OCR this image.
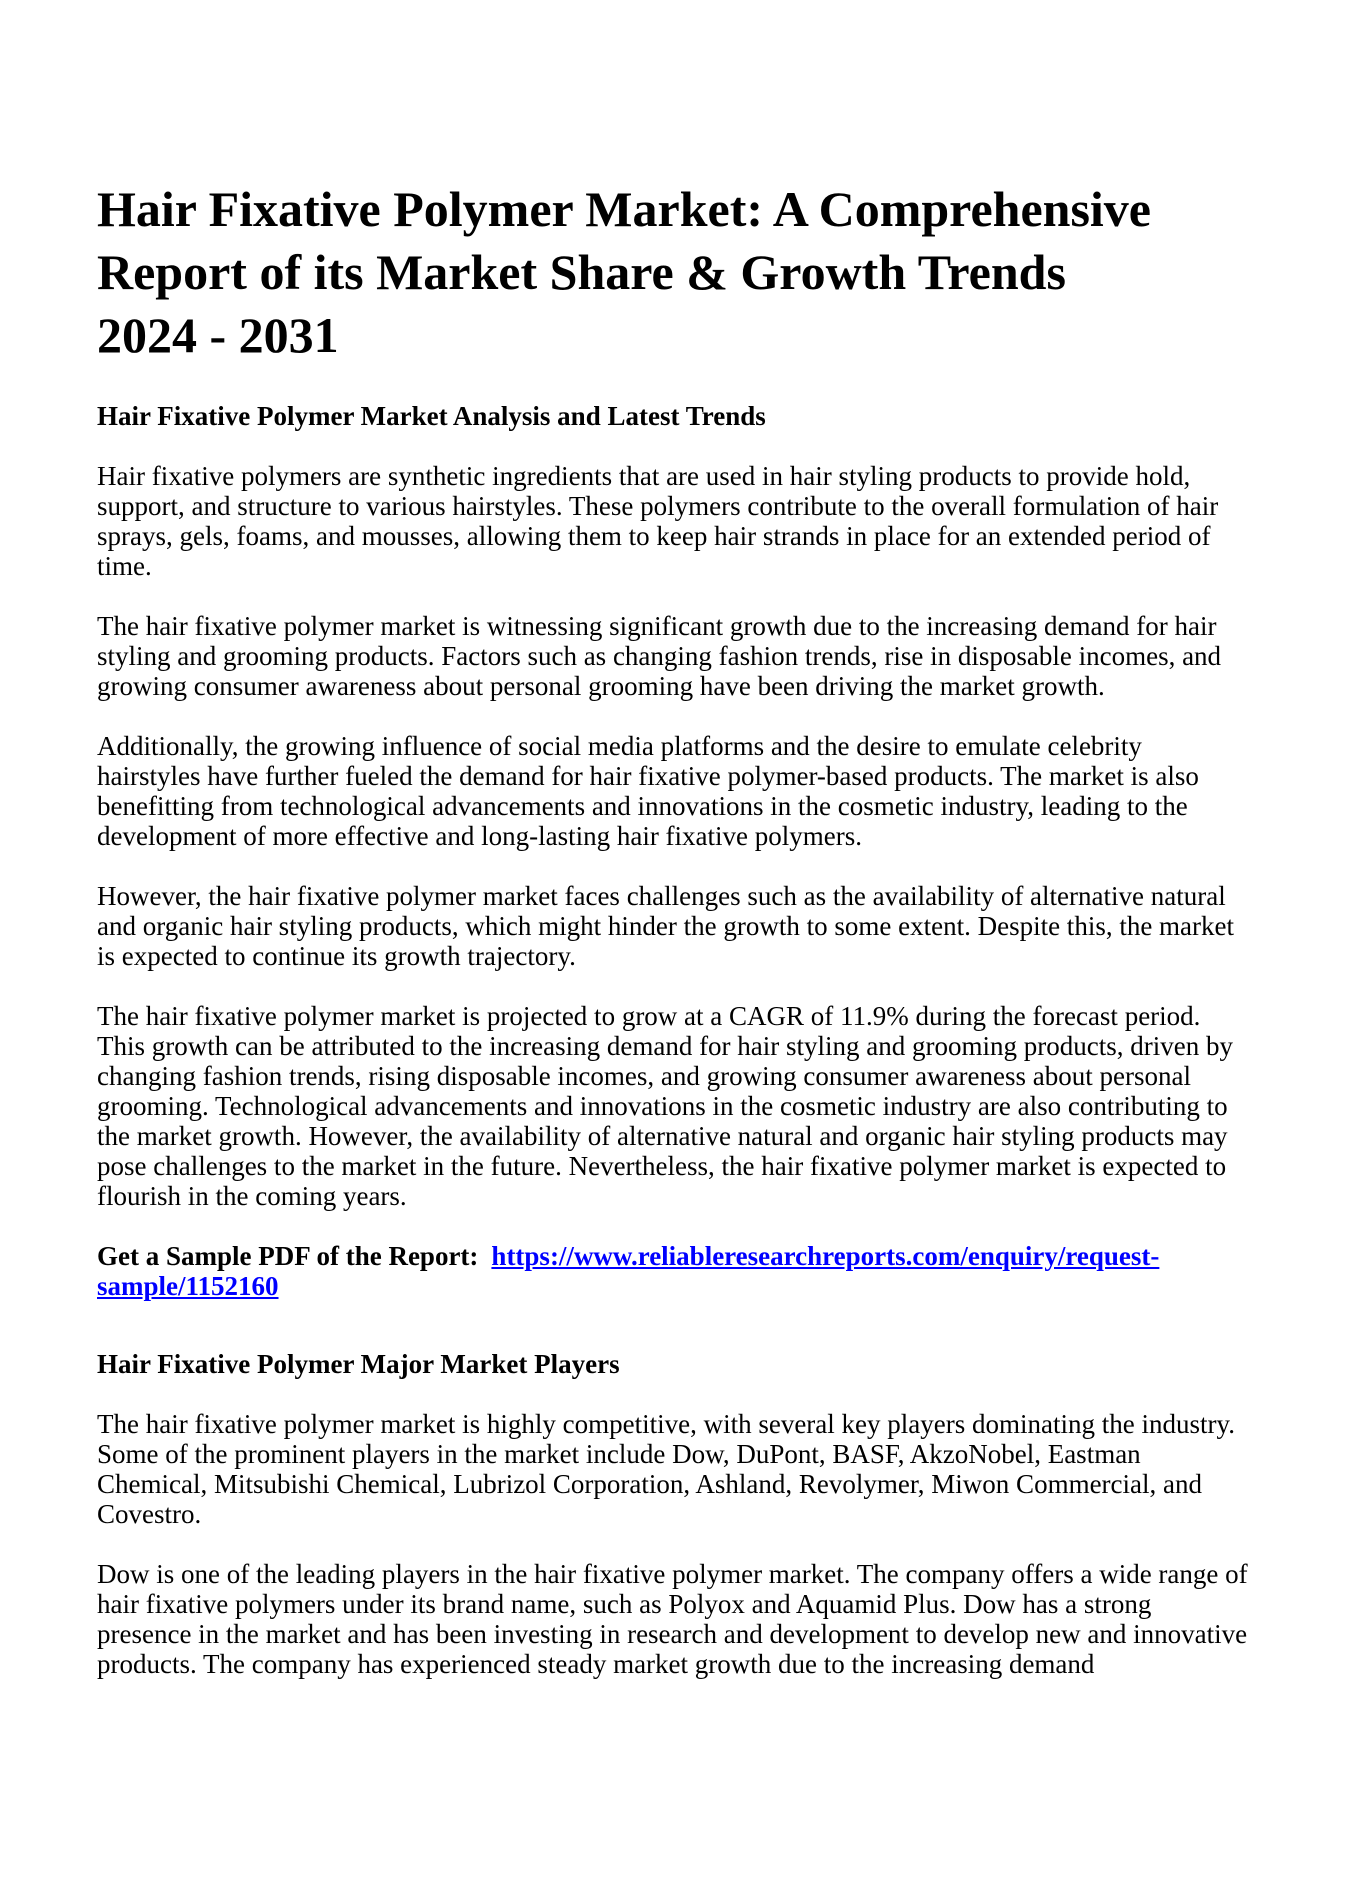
Hair Fixative Polymer Market: A Comprehensive
Report of its Market Share & Growth Trends
2024 - 2031
Hair Fixative Polymer Market Analysis and Latest Trends

Hair fixative polymers are synthetic ingredients that are used in hair styling products to provide hold, support, and structure to various hairstyles. These polymers contribute to the overall formulation of hair sprays, gels, foams, and mousses, allowing them to keep hair strands in place for an extended period of time.

The hair fixative polymer market is witnessing significant growth due to the increasing demand for hair styling and grooming products. Factors such as changing fashion trends, rise in disposable incomes, and growing consumer awareness about personal grooming have been driving the market growth.

Additionally, the growing influence of social media platforms and the desire to emulate celebrity hairstyles have further fueled the demand for hair fixative polymer-based products. The market is also benefitting from technological advancements and innovations in the cosmetic industry, leading to the development of more effective and long-lasting hair fixative polymers.

However, the hair fixative polymer market faces challenges such as the availability of alternative natural and organic hair styling products, which might hinder the growth to some extent. Despite this, the market is expected to continue its growth trajectory.

The hair fixative polymer market is projected to grow at a CAGR of 11.9% during the forecast period. This growth can be attributed to the increasing demand for hair styling and grooming products, driven by changing fashion trends, rising disposable incomes, and growing consumer awareness about personal grooming. Technological advancements and innovations in the cosmetic industry are also contributing to the market growth. However, the availability of alternative natural and organic hair styling products may pose challenges to the market in the future. Nevertheless, the hair fixative polymer market is expected to flourish in the coming years.

Get a Sample PDF of the Report: https://www.reliableresearchreports.com/enquiry/request-sample/1152160

Hair Fixative Polymer Major Market Players

The hair fixative polymer market is highly competitive, with several key players dominating the industry. Some of the prominent players in the market include Dow, DuPont, BASF, AkzoNobel, Eastman Chemical, Mitsubishi Chemical, Lubrizol Corporation, Ashland, Revolymer, Miwon Commercial, and Covestro.

Dow is one of the leading players in the hair fixative polymer market. The company offers a wide range of hair fixative polymers under its brand name, such as Polyox and Aquamid Plus. Dow has a strong presence in the market and has been investing in research and development to develop new and innovative products. The company has experienced steady market growth due to the increasing demand
